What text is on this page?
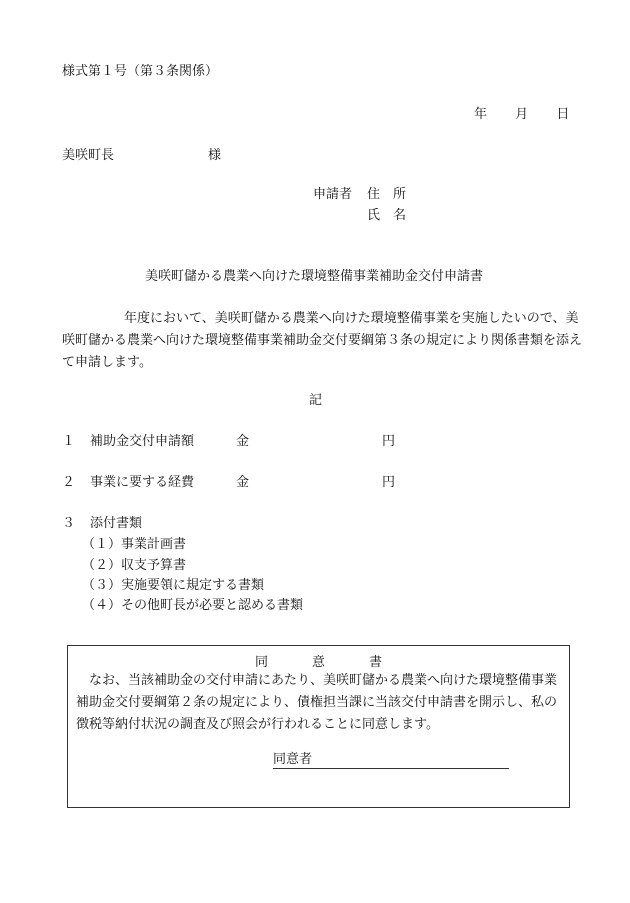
様式第１号（第３条関係）
年 月 日
美咲町長	様
申請者 住　所
氏　名
美咲町儲かる農業へ向けた環境整備事業補助金交付申請書
年度において、美咲町儲かる農業へ向けた環境整備事業を実施したいので、美咲町儲かる農業へ向けた環境整備事業補助金交付要綱第３条の規定により関係書類を添えて申請します。
記
１ 補助金交付申請額	金	円
２ 事業に要する経費	金	円
３ 添付書類
（１）事業計画書
（２）収支予算書
（３）実施要領に規定する書類
（４）その他町長が必要と認める書類
同意書
なお、当該補助金の交付申請にあたり、美咲町儲かる農業へ向けた環境整備事業補助金交付要綱第２条の規定により、債権担当課に当該交付申請書を開示し、私の徴税等納付状況の調査及び照会が行われることに同意します。
同意者
